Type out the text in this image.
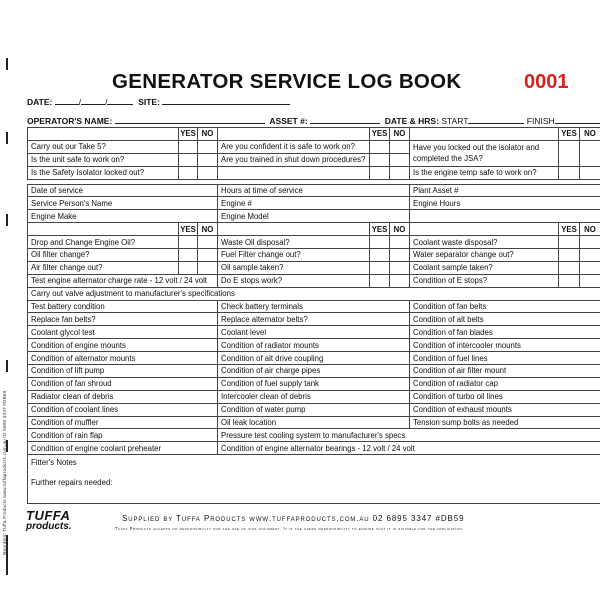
Reorders: Tuffa Products www.tuffaproducts.com.au 02 6895 3347 #DB59
GENERATOR SERVICE LOG BOOK	0001
DATE:	/	/	SITE:
OPERATOR'S NAME:	ASSET #:	DATE & HRS: START	FINISH
	YES	NO		YES	NO		YES	NO
Carry out our Take 5?			Are you confident it is safe to work on?			Have you locked out the isolator and completed the JSA?		
Is the unit safe to work on?			Are you trained in shut down procedures?					
Is the Safety Isolator locked out?						Is the engine temp safe to work on?		

Date of service			Hours at time of service			Plant Asset #		
Service Person's Name			Engine #			Engine Hours		
Engine Make			Engine Model					
	YES	NO		YES	NO		YES	NO
Drop and Change Engine Oil?			Waste Oil disposal?			Coolant waste disposal?		
Oil filter change?			Fuel Filter change out?			Water separator change out?		
Air filter change out?			Oil sample taken?			Coolant sample taken?		
Test engine alternator charge rate - 12 volt / 24 volt			Do E stops work?			Condition of E stops?		
Carry out valve adjustment to manufacturer's specifications								
Test battery condition			Check battery terminals			Condition of fan belts		
Replace fan belts?			Replace alternator belts?			Condition of alt belts		
Coolant glycol test			Coolant level			Condition of fan blades		
Condition of engine mounts			Condition of radiator mounts			Condition of intercooler mounts		
Condition of alternator mounts			Condition of alt drive coupling			Condition of fuel lines		
Condition of lift pump			Condition of air charge pipes			Condition of air filter mount		
Condition of fan shroud			Condition of fuel supply tank			Condition of radiator cap		
Radiator clean of debris			Intercooler clean of debris			Condition of turbo oil lines		
Condition of coolant lines			Condition of water pump			Condition of exhaust mounts		
Condition of muffler			Oil leak location			Tension sump bolts as needed		
Condition of rain flap			Pressure test cooling system to manufacturer's specs					
Condition of engine coolant preheater			Condition of engine alternator bearings - 12 volt / 24 volt					
Fitter's Notes								
Further repairs needed:								
TUFFA
products.
Supplied by Tuffa Products www.tuffaproducts.com.au 02 6895 3347 #DB59
Tuffa Products accepts no responsibility for the use of this document. It is the users responsibility to ensure that it is suitable for the application.
